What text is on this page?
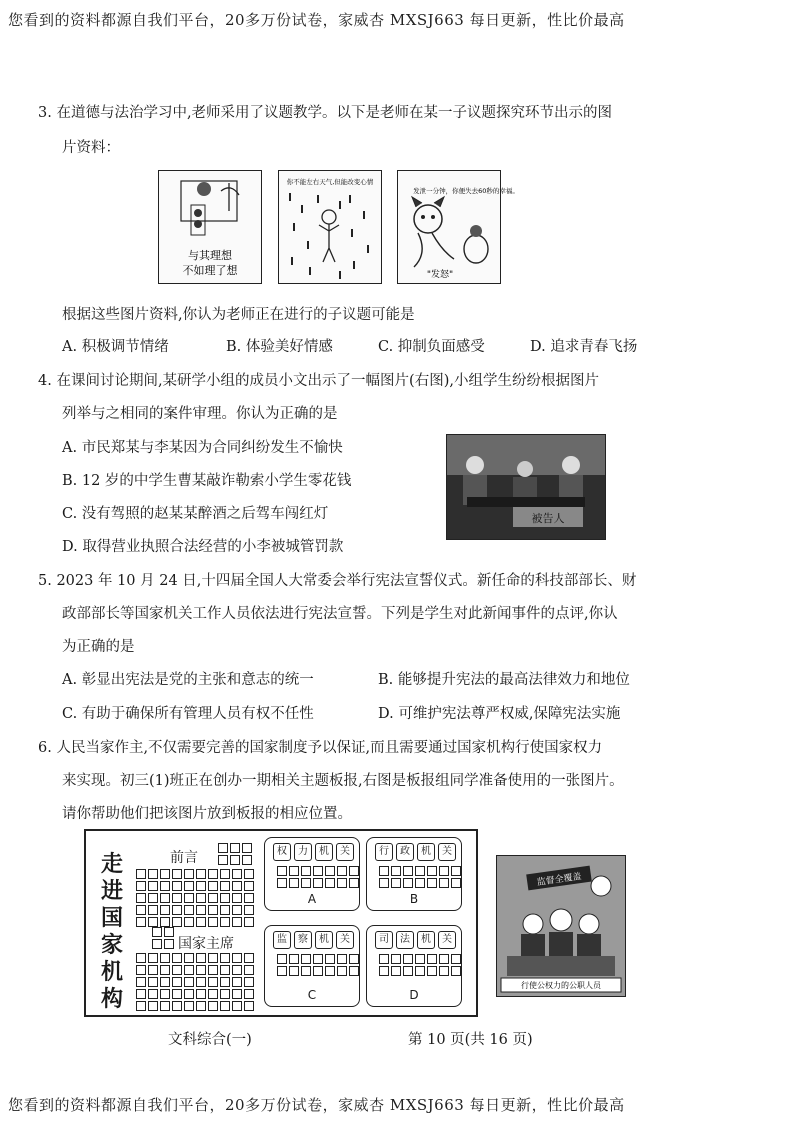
您看到的资料都源自我们平台，20多万份试卷，家威杏 MXSJ663 每日更新，性比价最高
3. 在道德与法治学习中,老师采用了议题教学。以下是老师在某一子议题探究环节出示的图
片资料：
与其理想
不如理了想
你不能左右天气,但能改变心情
发泄一分钟，你便失去60秒的幸福。
"发怒"
根据这些图片资料,你认为老师正在进行的子议题可能是
A. 积极调节情绪	B. 体验美好情感	C. 抑制负面感受	D. 追求青春飞扬
4. 在课间讨论期间,某研学小组的成员小文出示了一幅图片(右图),小组学生纷纷根据图片
列举与之相同的案件审理。你认为正确的是
A. 市民郑某与李某因为合同纠纷发生不愉快
B. 12 岁的中学生曹某敲诈勒索小学生零花钱
C. 没有驾照的赵某某醉酒之后驾车闯红灯
D. 取得营业执照合法经营的小李被城管罚款
被告人
5. 2023 年 10 月 24 日,十四届全国人大常委会举行宪法宣誓仪式。新任命的科技部部长、财
政部部长等国家机关工作人员依法进行宪法宣誓。下列是学生对此新闻事件的点评,你认
为正确的是
A. 彰显出宪法是党的主张和意志的统一	B. 能够提升宪法的最高法律效力和地位
C. 有助于确保所有管理人员有权不任性	D. 可维护宪法尊严权威,保障宪法实施
6. 人民当家作主,不仅需要完善的国家制度予以保证,而且需要通过国家机构行使国家权力
来实现。初三(1)班正在创办一期相关主题板报,右图是板报组同学准备使用的一张图片。
请你帮助他们把该图片放到板报的相应位置。
走
进
国
家
机
构
前言
国家主席
权	力	机	关
A
行	政	机	关
B
监	察	机	关
C
司	法	机	关
D
监督全覆盖
行使公权力的公职人员
文科综合(一)	第 10 页(共 16 页)
您看到的资料都源自我们平台，20多万份试卷，家威杏 MXSJ663 每日更新，性比价最高
